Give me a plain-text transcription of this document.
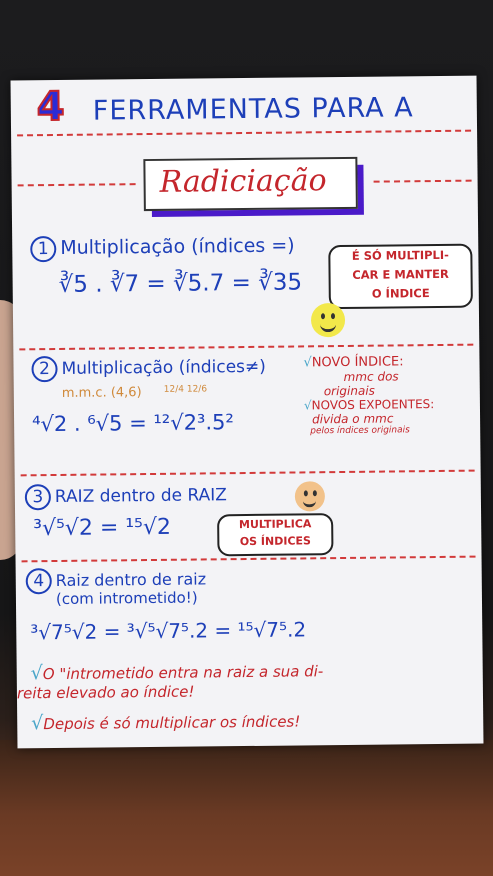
4 FERRAMENTAS PARA A
Radiciação
1 Multiplicação (índices =)
∛5 . ∛7 = ∛5.7 = ∛35
É SÓ MULTIPLI-
CAR E MANTER
O ÍNDICE
2 Multiplicação (índices≠)
m.m.c. (4,6) 12/4 12/6
⁴√2 . ⁶√5 = ¹²√2³.5²
√NOVO ÍNDICE:
mmc dos
originais
√NOVOS EXPOENTES:
divida o mmc
pelos índices originais
3 RAIZ dentro de RAIZ
³√⁵√2 = ¹⁵√2	MULTIPLICA
OS ÍNDICES
4 Raiz dentro de raiz
(com intrometido!)
³√7⁵√2 = ³√⁵√7⁵.2 = ¹⁵√7⁵.2
√O "intrometido entra na raiz a sua di-
reita elevado ao índice!
√Depois é só multiplicar os índices!
